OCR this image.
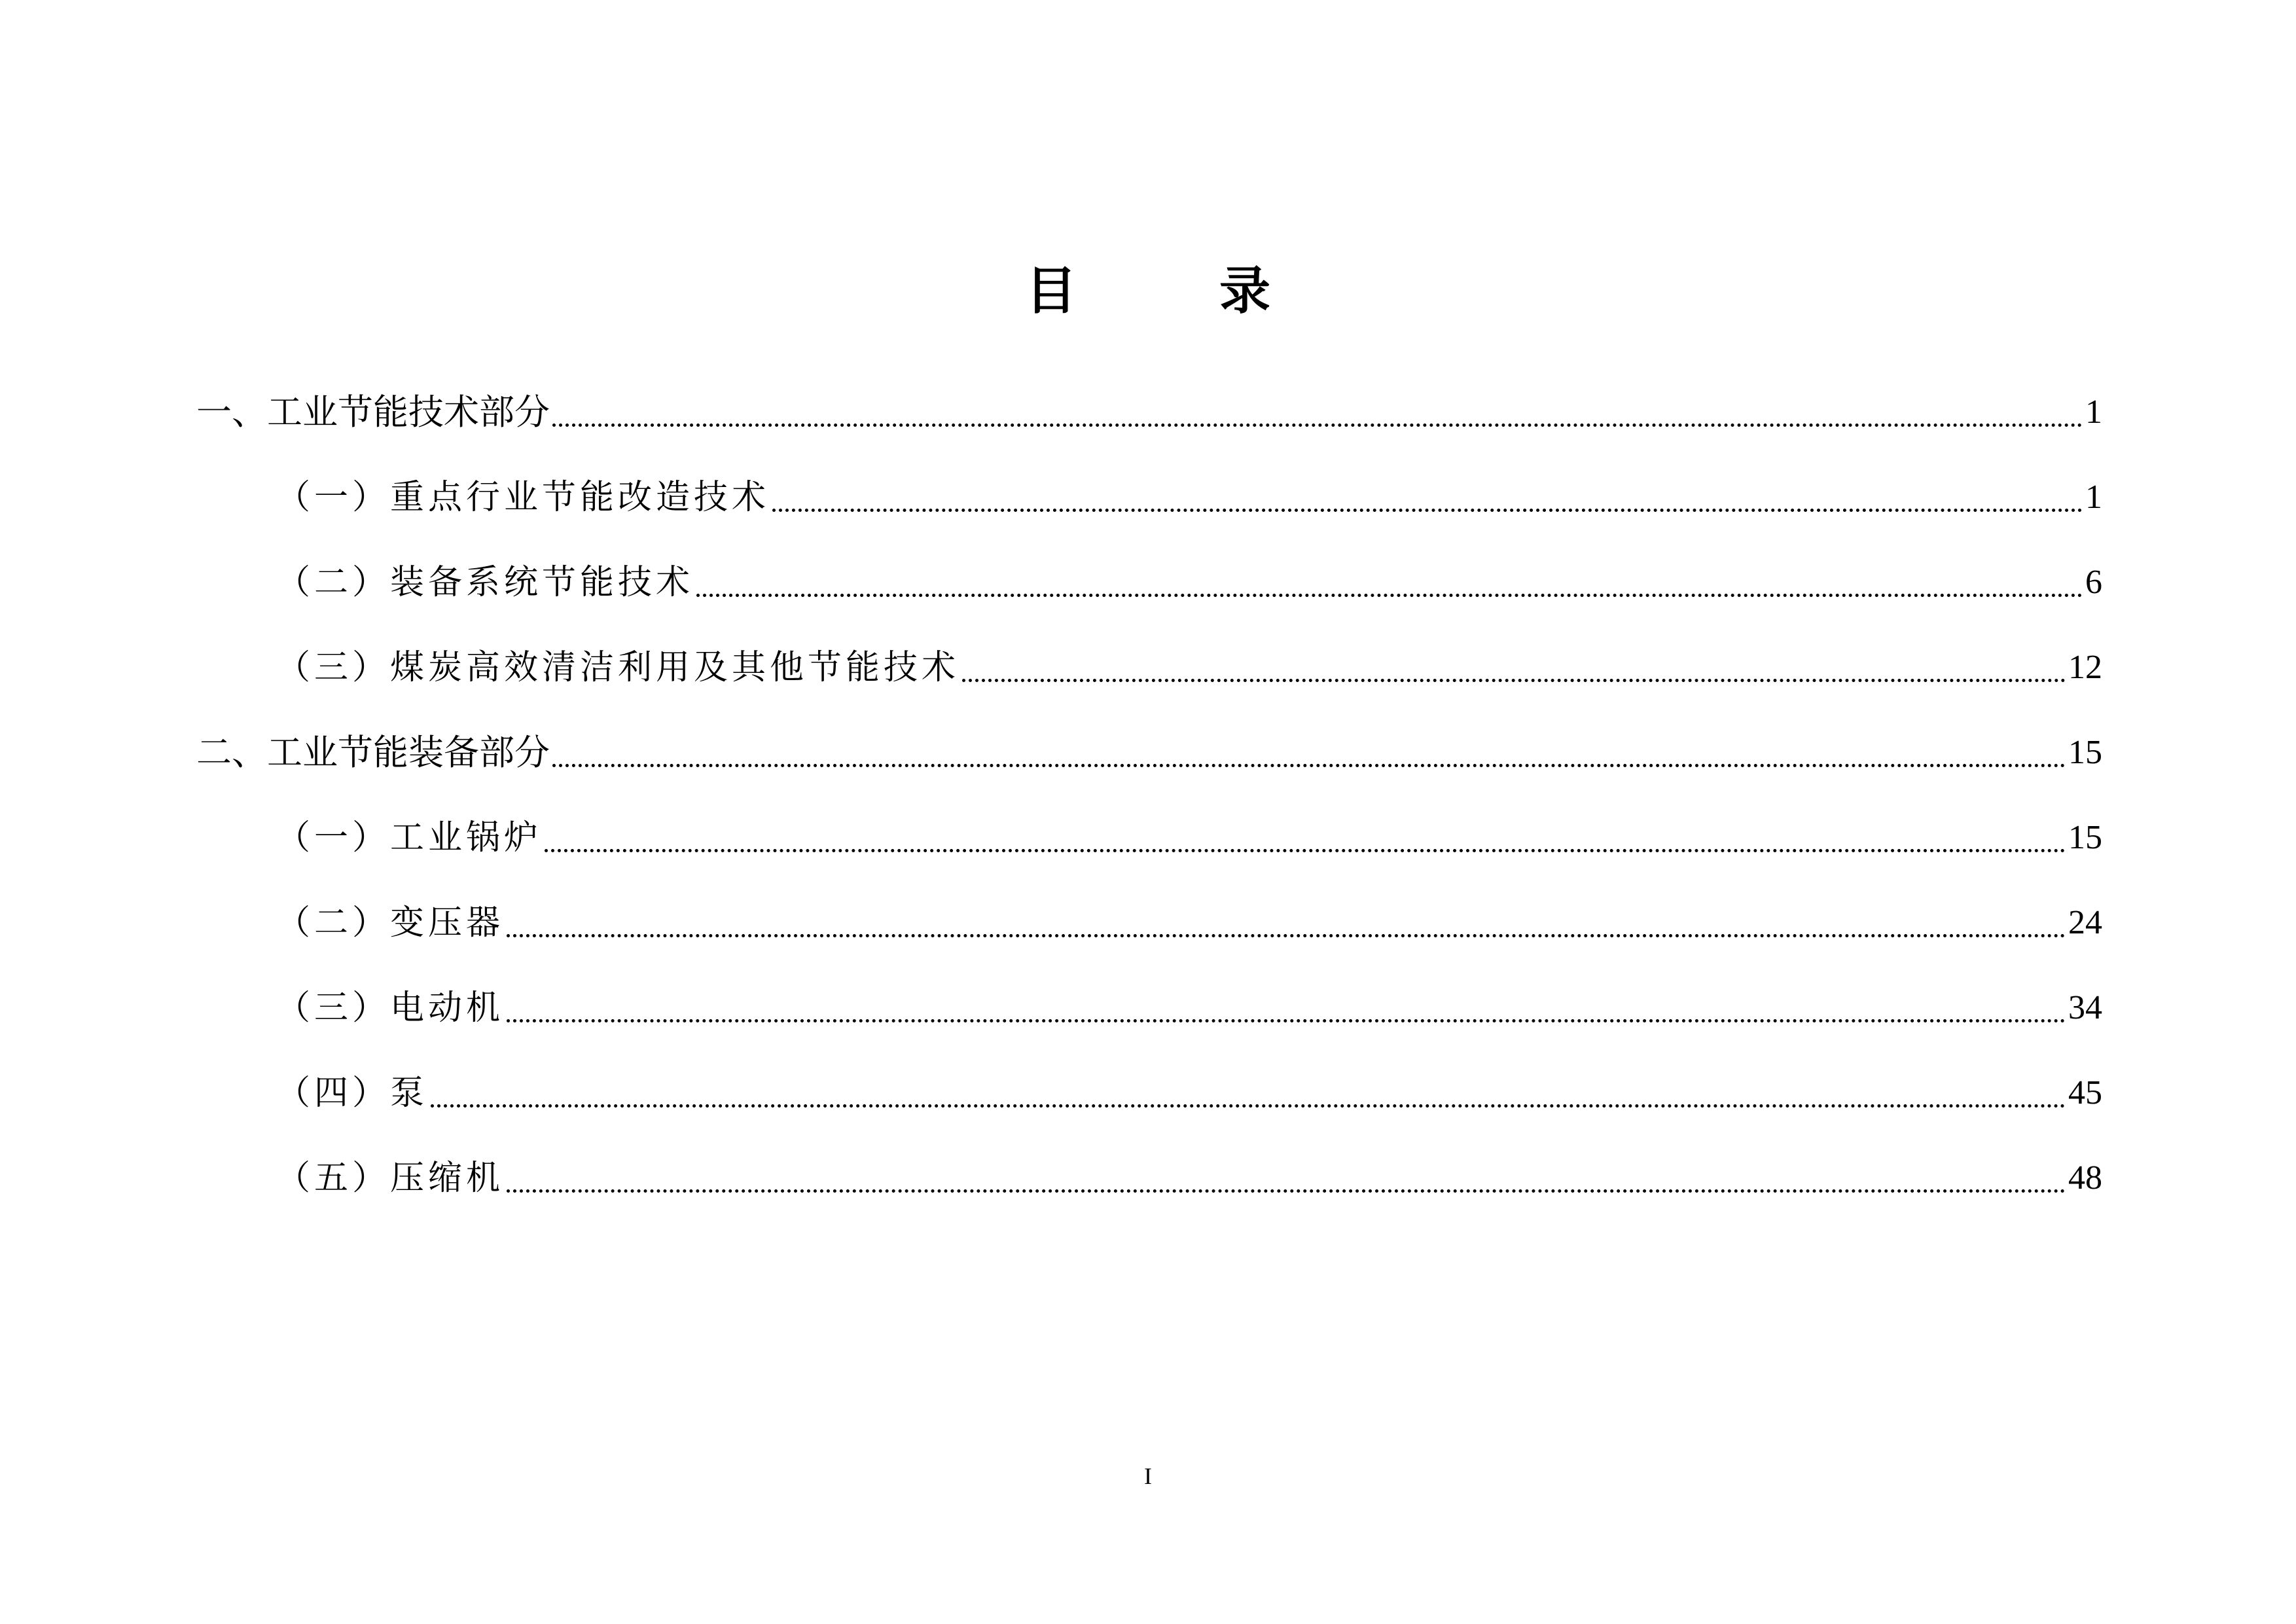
目　录
一、工业节能技术部分	1
（一）重点行业节能改造技术	1
（二）装备系统节能技术	6
（三）煤炭高效清洁利用及其他节能技术	12
二、工业节能装备部分	15
（一）工业锅炉	15
（二）变压器	24
（三）电动机	34
（四）泵	45
（五）压缩机	48
I
